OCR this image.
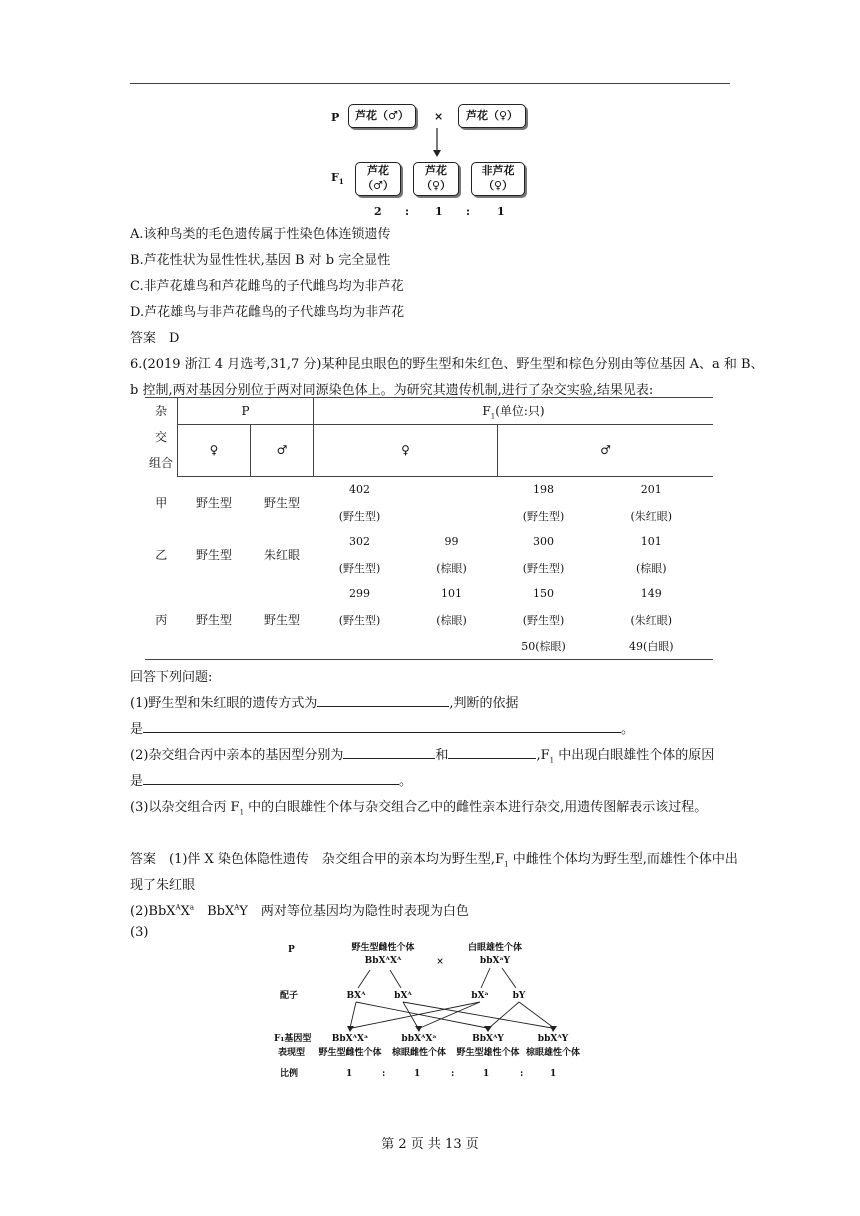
P	芦花（♂）	×	芦花（♀）
$F_1$
芦花
（♂）
芦花
（♀）
非芦花
（♀）
2 : 1 : 1
A.该种鸟类的毛色遗传属于性染色体连锁遗传
B.芦花性状为显性性状,基因 B 对 b 完全显性
C.非芦花雄鸟和芦花雌鸟的子代雌鸟均为非芦花
D.芦花雄鸟与非芦花雌鸟的子代雄鸟均为非芦花
答案　D
6.(2019 浙江 4 月选考,31,7 分)某种昆虫眼色的野生型和朱红色、野生型和棕色分别由等位基因 A、a 和 B、
b 控制,两对基因分别位于两对同源染色体上。为研究其遗传机制,进行了杂交实验,结果见表:
杂
交
组合	P		$F_1$(单位:只)			
	♀	♂	♀		♂	

甲	野生型	野生型	402		198	201
			(野生型)		(野生型)	(朱红眼)
乙	野生型	朱红眼	302	99	300	101
			(野生型)	(棕眼)	(野生型)	(棕眼)
丙	野生型	野生型	299	101	150	149
			(野生型)	(棕眼)	(野生型)	(朱红眼)
					50(棕眼)	49(白眼)
回答下列问题:
(1)野生型和朱红眼的遗传方式为	,判断的依据
是	。
(2)杂交组合丙中亲本的基因型分别为	和	$,F_1$ 中出现白眼雄性个体的原因
是	。
(3)以杂交组合丙 $F_1$ 中的白眼雄性个体与杂交组合乙中的雌性亲本进行杂交,用遗传图解表示该过程。
答案　(1)伴 X 染色体隐性遗传　杂交组合甲的亲本均为野生型$,F_1$ 中雌性个体均为野生型,而雄性个体中出
现了朱红眼
$(2)BbX^AX^a$　BbX$^A$Y　两对等位基因均为隐性时表现为白色
(3)
P	野生型雌性个体
BbXᴬXᴬ	×
白眼雄性个体
bbXᵃY
配子	BXᴬ	bXᴬ	bXᵃ	bY
F₁基因型 BbXᴬXᵃ	bbXᴬXᵃ	BbXᴬY	bbXᴬY
表现型 野生型雌性个体 棕眼雌性个体 野生型雄性个体 棕眼雄性个体
比例	1	:	1	:	1	:	1
第 2 页 共 13 页
